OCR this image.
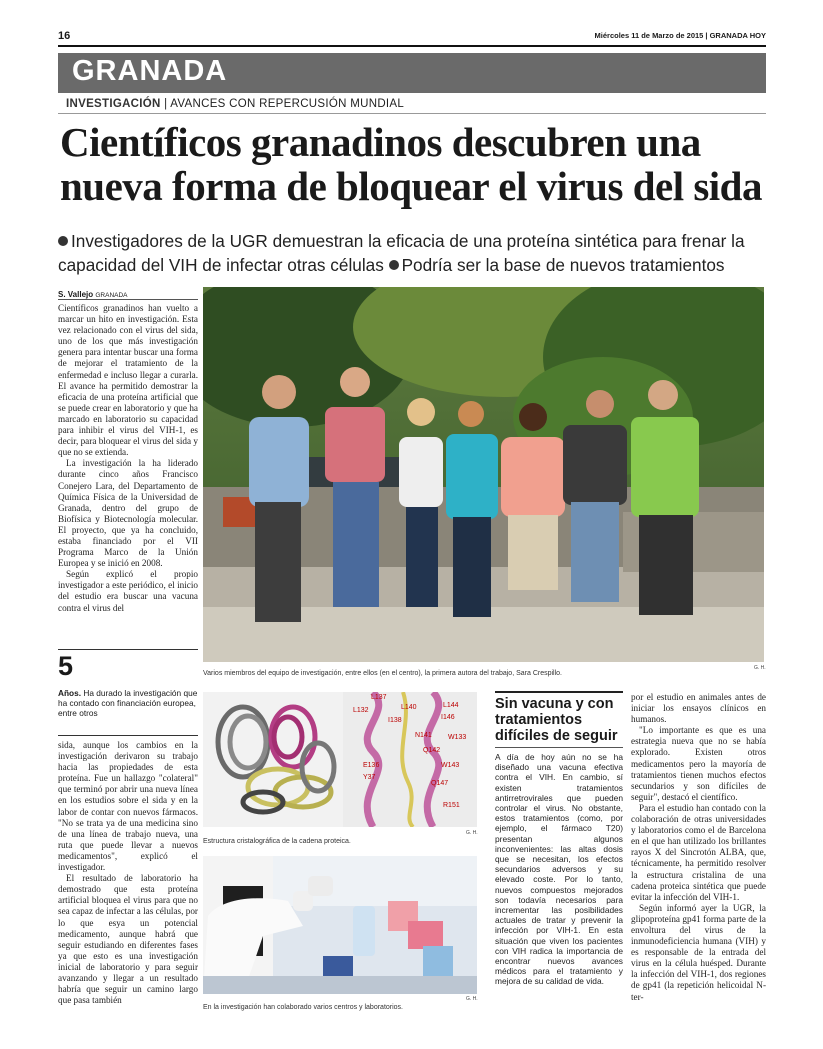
16	Miércoles 11 de Marzo de 2015 | GRANADA HOY
GRANADA
INVESTIGACIÓN | AVANCES CON REPERCUSIÓN MUNDIAL
Científicos granadinos descubren una
nueva forma de bloquear el virus del sida
Investigadores de la UGR demuestran la eficacia de una proteína sintética para frenar la capacidad del VIH de infectar otras células Podría ser la base de nuevos tratamientos
S. Vallejo GRANADA

Científicos granadinos han vuelto a marcar un hito en investigación. Esta vez relacionado con el virus del sida, uno de los que más investigación genera para intentar buscar una forma de mejorar el tratamiento de la enfermedad e incluso llegar a curarla. El avance ha permitido demostrar la eficacia de una proteína artificial que se puede crear en laboratorio y que ha marcado en laboratorio su capacidad para inhibir el virus del VIH-1, es decir, para bloquear el virus del sida y que no se extienda.

La investigación la ha liderado durante cinco años Francisco Conejero Lara, del Departamento de Química Física de la Universidad de Granada, dentro del grupo de Biofísica y Biotecnología molecular. El proyecto, que ya ha concluido, estaba financiado por el VII Programa Marco de la Unión Europea y se inició en 2008.

Según explicó el propio investigador a este periódico, el inicio del estudio era buscar una vacuna contra el virus del

5
Años. Ha durado la investigación que ha contado con financiación europea, entre otros

sida, aunque los cambios en la investigación derivaron su trabajo hacia las propiedades de esta proteína. Fue un hallazgo "colateral" que terminó por abrir una nueva línea en los estudios sobre el sida y en la labor de contar con nuevos fármacos. "No se trata ya de una medicina sino de una línea de trabajo nueva, una ruta que puede llevar a nuevos medicamentos", explicó el investigador.

El resultado de laboratorio ha demostrado que esta proteína artificial bloquea el virus para que no sea capaz de infectar a las células, por lo que esya un potencial medicamento, aunque habrá que seguir estudiando en diferentes fases ya que esto es una investigación inicial de laboratorio y para seguir avanzando y llegar a un resultado habría que seguir un camino largo que pasa también

Varios miembros del equipo de investigación, entre ellos (en el centro), la primera autora del trabajo, Sara Crespillo.
G. H.
L137
L144
I146
W133
W143
Q142
Q147
E136
R151
I138
N141
L140
Y37
L132
Estructura cristalográfica de la cadena proteica.
G. H.
En la investigación han colaborado varios centros y laboratorios.
G. H.
Sin vacuna y con tratamientos difíciles de seguir
A día de hoy aún no se ha diseñado una vacuna efectiva contra el VIH. En cambio, sí existen tratamientos antirretrovirales que pueden controlar el virus. No obstante, estos tratamientos (como, por ejemplo, el fármaco T20) presentan algunos inconvenientes: las altas dosis que se necesitan, los efectos secundarios adversos y su elevado coste. Por lo tanto, nuevos compuestos mejorados son todavía necesarios para incrementar las posibilidades actuales de tratar y prevenir la infección por VIH-1. En esta situación que viven los pacientes con VIH radica la importancia de encontrar nuevos avances médicos para el tratamiento y mejora de su calidad de vida.

por el estudio en animales antes de iniciar los ensayos clínicos en humanos.

"Lo importante es que es una estrategia nueva que no se había explorado. Existen otros medicamentos pero la mayoría de tratamientos tienen muchos efectos secundarios y son difíciles de seguir", destacó el científico.

Para el estudio han contado con la colaboración de otras universidades y laboratorios como el de Barcelona en el que han utilizado los brillantes rayos X del Sincrotón ALBA, que, técnicamente, ha permitido resolver la estructura cristalina de una cadena proteica sintética que puede evitar la infección del VIH-1.

Según informó ayer la UGR, la glipoproteína gp41 forma parte de la envoltura del virus de la inmunodeficiencia humana (VIH) y es responsable de la entrada del virus en la célula huésped. Durante la infección del VIH-1, dos regiones de gp41 (la repetición helicoidal N-ter-
